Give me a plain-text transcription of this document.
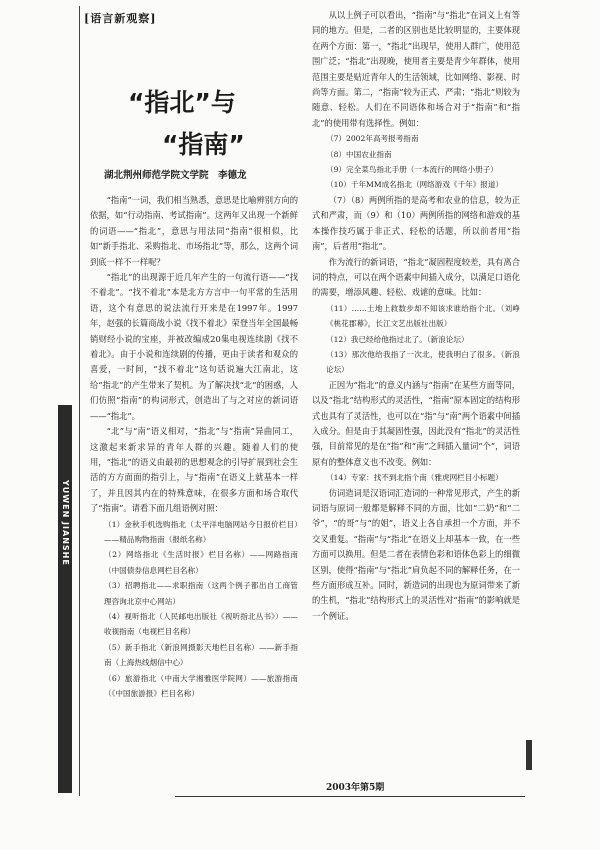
[语言新观察]
“指北”与
“指南”
湖北荆州师范学院文学院　李德龙

“指南”一词，我们相当熟悉，意思是比喻辨别方向的依据，如“行动指南、考试指南”。这两年又出现一个新鲜的词语——“指北”，意思与用法同“指南”很相似，比如“新手指北、采购指北、市场指北”等，那么，这两个词到底一样不一样呢？

“指北”的出现源于近几年产生的一句流行语——“找不着北”。“找不着北”本是北方方言中一句平常的生活用语，这个有意思的说法流行开来是在1997年。1997年，赵强的长篇商战小说《找不着北》荣登当年全国最畅销财经小说的宝座，并被改编成20集电视连续剧《找不着北》。由于小说和连续剧的传播，更由于读者和观众的喜爱，一时间，“找不着北”这句话说遍大江南北，这给“指北”的产生带来了契机。为了解决找“北”的困惑，人们仿照“指南”的构词形式，创造出了与之对应的新词语——“指北”。

“北”与“南”语义相对，“指北”与“指南”异曲同工，这激起来新求异的青年人群的兴趣。随着人们的使用，“指北”的语义由最初的思想观念的引导扩展到社会生活的方方面面的指引上，与“指南”在语义上就基本一样了，并且因其内在的特殊意味，在很多方面和场合取代了“指南”。请看下面几组语例对照：

（1）金秋手机选购指北（太平洋电脑网站今日报价栏目）——精品购物指南（报纸名称）

（2）网络指北《生活时报》栏目名称）——网路指南（中国债券信息网栏目名称）

（3）招聘指北——求职指南（这两个例子都出自工商管理咨询北京中心网站）

（4）视听指北（人民邮电出版社《视听指北丛书》）——收视指南（电视栏目名称）

（5）新手指北（新浪网摄影天地栏目名称）——新手指南（上海热线烟信中心）

（6）旅游指北（中南大学湘雅医学院网）——旅游指南（《中国旅游报》栏目名称）

从以上例子可以看出，“指南”与“指北”在词义上有等同的地方。但是，二者的区别也是比较明显的，主要体现在两个方面：第一，“指北”出现早，使用人群广，使用范围广泛；“指北”出现晚，使用者主要是青少年群体，使用范围主要是贴近青年人的生活领域，比如网络、影视、时尚等方面。第二，“指南”较为正式、严肃；“指北”则较为随意、轻松。人们在不同语体和场合对于“指南”和“指北”的使用带有选择性。例如：

（7）2002年高考报考指南

（8）中国农业指南

（9）完全菜鸟指北手册（一本流行的网络小册子）

（10）千年MM成名指北（网络游戏《千年》报道）

（7）（8）两例所指的是高考和农业的信息，较为正式和严肃，而（9）和（10）两例所指的网络和游戏的基本操作技巧属于非正式、轻松的话题，所以前者用“指南”，后者用“指北”。

作为流行的新词语，“指北”凝固程度较差，具有离合词的特点，可以在两个语素中间插入成分，以满足口语化的需要，增添风趣、轻松、戏谑的意味。比如：

（11）……土地上救数步却不知该求谁给指个北。（刘峥《桃花郡幕》，长江文艺出版社出版）

（12）我已经给他指过北了。（新浪论坛）

（13）那次他给我指了一次北，使我明白了很多。（新浪论坛）

正因为“指北”的意义内涵与“指南”在某些方面等同，以及“指北”结构形式的灵活性，“指南”原本固定的结构形式也具有了灵活性，也可以在“指”与“南”两个语素中间插入成分。但是由于其凝固性强，因此没有“指北”的灵活性强，目前常见的是在“指”和“南”之间插入量词“个”，词语原有的整体意义也不改变。例如：

（14）专家：找不到北指个南（雅虎网栏目小标题）

仿词造词是汉语词汇造词的一种常见形式，产生的新词语与原词一般都是解释不同的方面，比如“二奶”和“二爷”，“的哥”与“的姐”，语义上各自承担一个方面，并不交叉重复。“指南”与“指北”在语义上却基本一致，在一些方面可以换用。但是二者在表情色彩和语体色彩上的细微区别，使得“指南”与“指北”肩负起不同的解释任务，在一些方面形成互补。同时，新造词的出现也为原词带来了新的生机，“指北”结构形式上的灵活性对“指南”的影响就是一个例证。

YUWEN JIANSHE
2003年第5期
